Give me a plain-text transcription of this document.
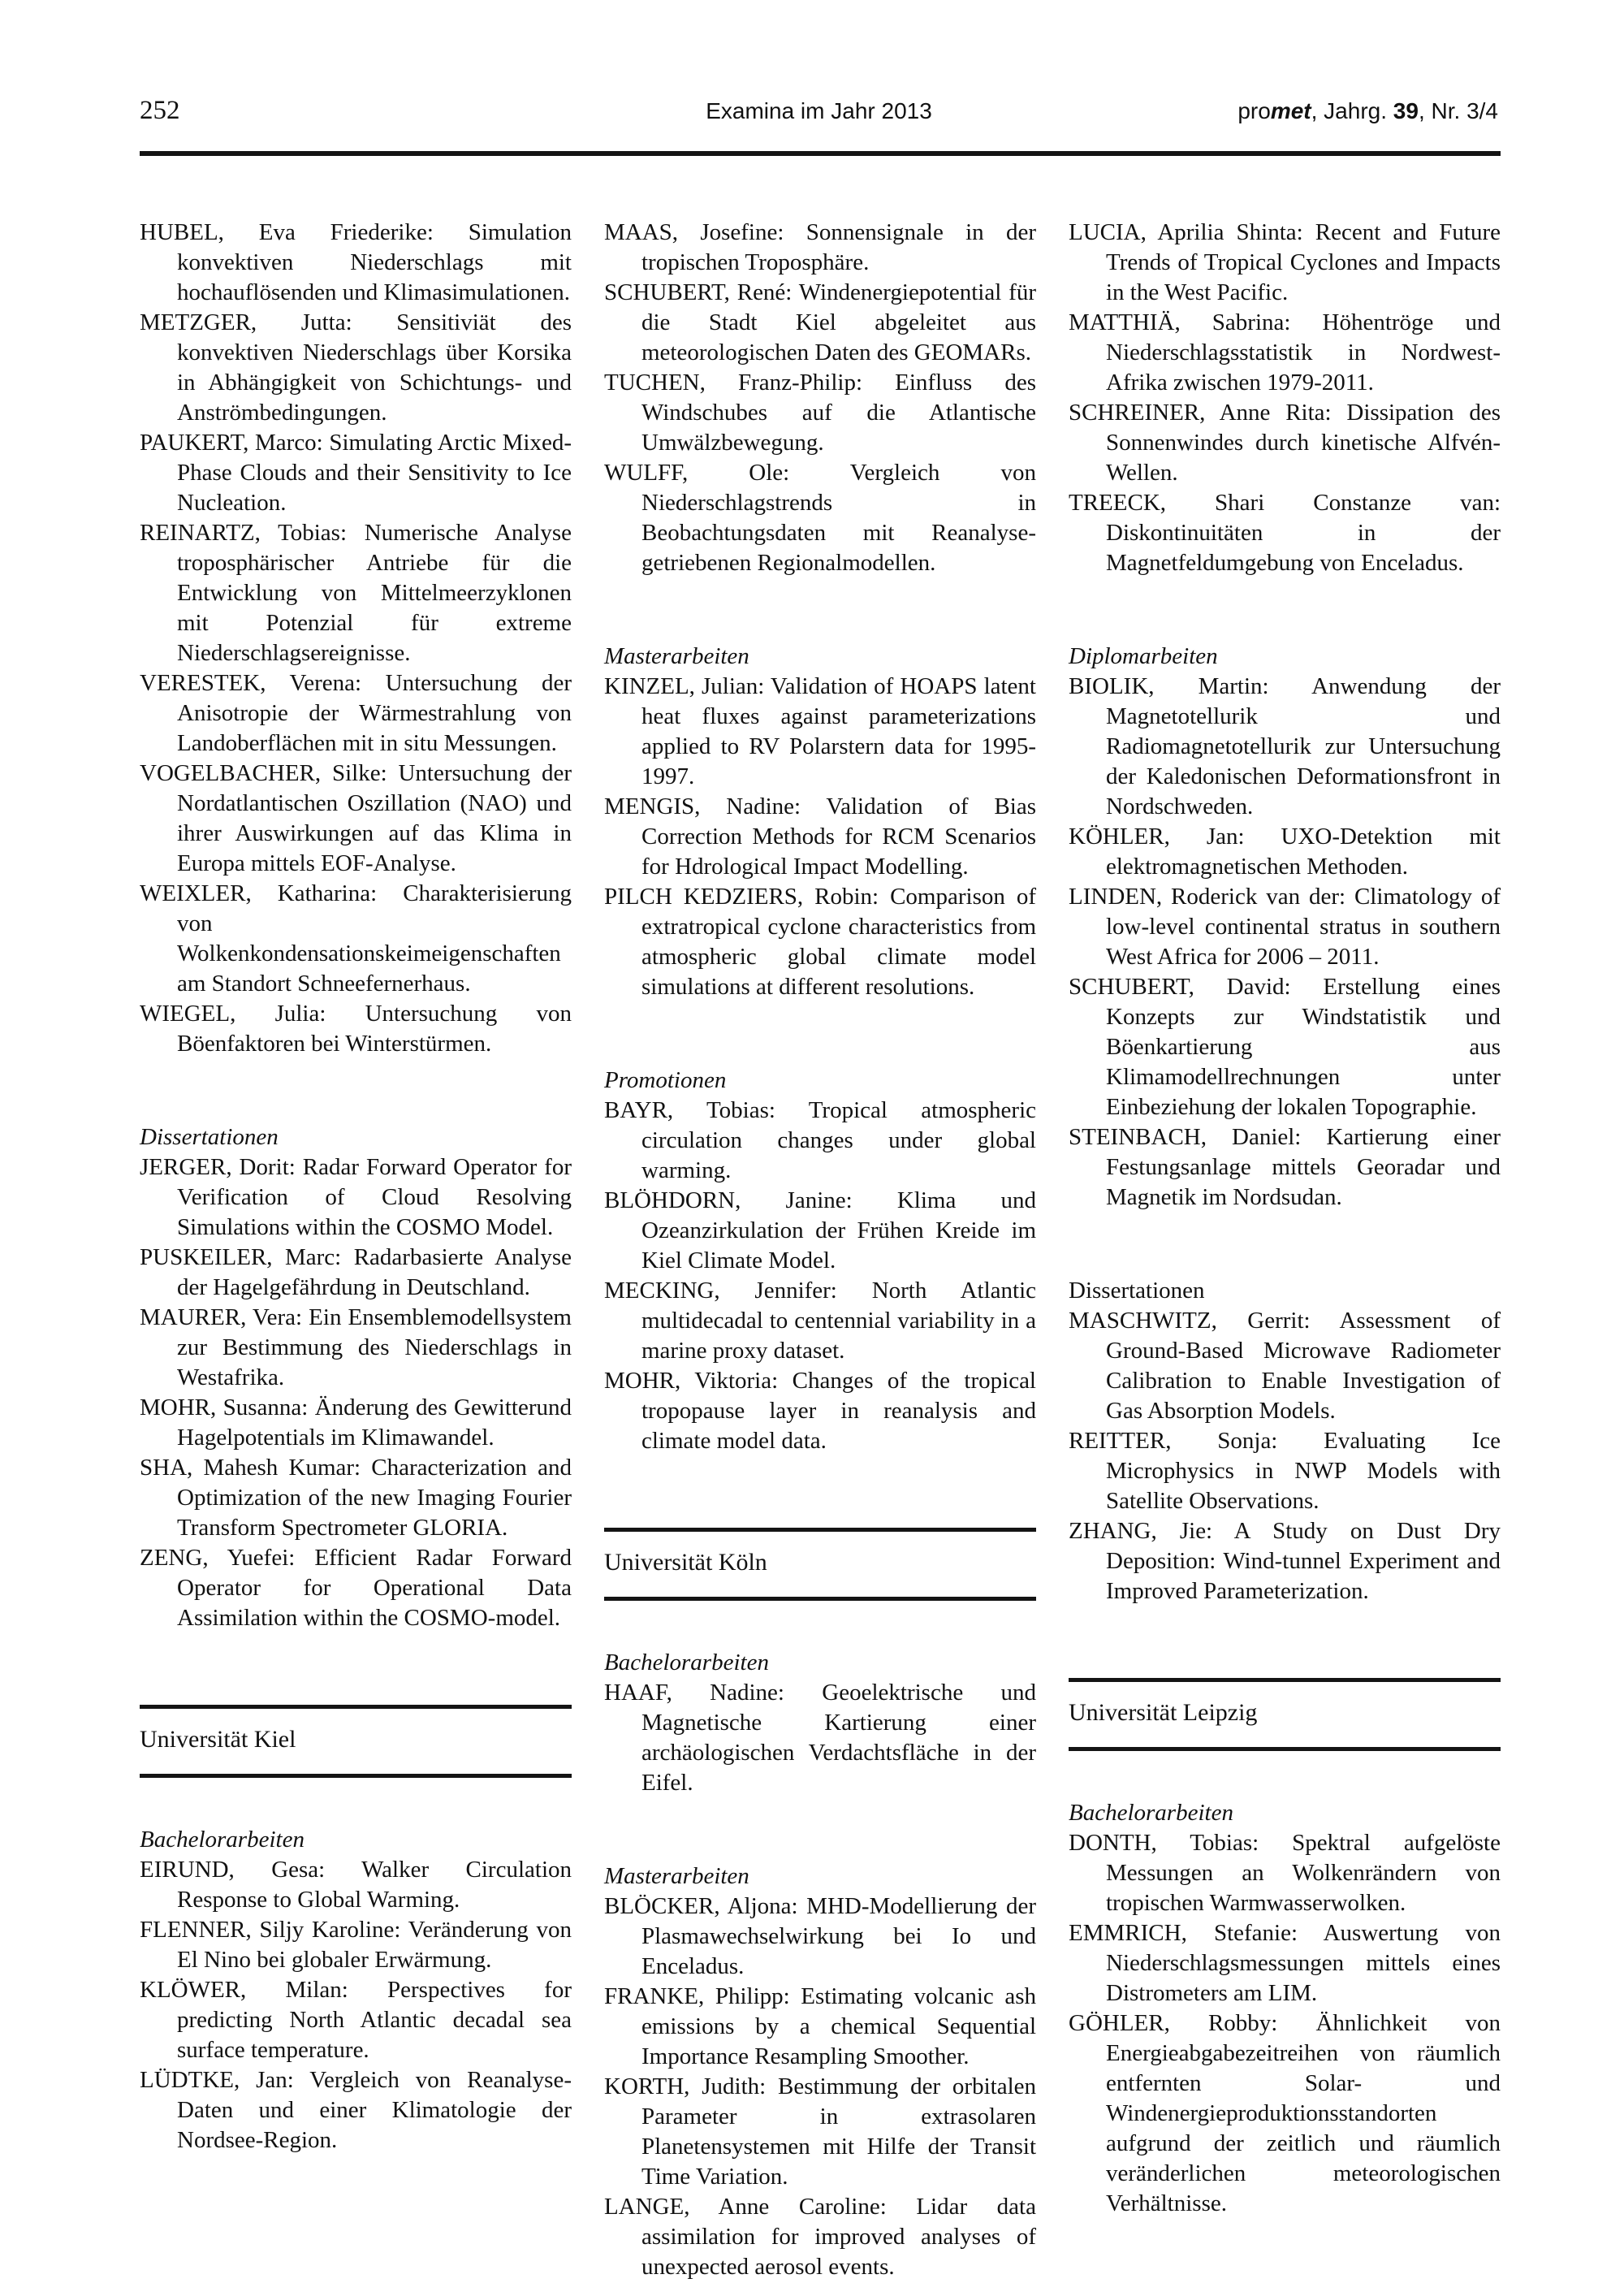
252	Examina im Jahr 2013	promet, Jahrg. 39, Nr. 3/4
HUBEL, Eva Friederike: Simulation konvektiven Niederschlags mit hochauflösenden und Klimasimulationen.
METZGER, Jutta: Sensitiviät des konvektiven Niederschlags über Korsika in Abhängigkeit von Schichtungs- und Anströmbedingungen.
PAUKERT, Marco: Simulating Arctic Mixed-Phase Clouds and their Sensitivity to Ice Nucleation.
REINARTZ, Tobias: Numerische Analyse troposphärischer Antriebe für die Entwicklung von Mittelmeerzyklonen mit Potenzial für extreme Niederschlagsereignisse.
VERESTEK, Verena: Untersuchung der Anisotropie der Wärmestrahlung von Landoberflächen mit in situ Messungen.
VOGELBACHER, Silke: Untersuchung der Nordatlantischen Oszillation (NAO) und ihrer Auswirkungen auf das Klima in Europa mittels EOF-Analyse.
WEIXLER, Katharina: Charakterisierung von Wolkenkondensationskeimeigenschaften am Standort Schneefernerhaus.
WIEGEL, Julia: Untersuchung von Böenfaktoren bei Winterstürmen.
Dissertationen
JERGER, Dorit: Radar Forward Operator for Verification of Cloud Resolving Simulations within the COSMO Model.
PUSKEILER, Marc: Radarbasierte Analyse der Hagelgefährdung in Deutschland.
MAURER, Vera: Ein Ensemblemodellsystem zur Bestimmung des Niederschlags in Westafrika.
MOHR, Susanna: Änderung des Gewitterund Hagelpotentials im Klimawandel.
SHA, Mahesh Kumar: Characterization and Optimization of the new Imaging Fourier Transform Spectrometer GLORIA.
ZENG, Yuefei: Efficient Radar Forward Operator for Operational Data Assimilation within the COSMO-model.
Universität Kiel
Bachelorarbeiten
EIRUND, Gesa: Walker Circulation Response to Global Warming.
FLENNER, Siljy Karoline: Veränderung von El Nino bei globaler Erwärmung.
KLÖWER, Milan: Perspectives for predicting North Atlantic decadal sea surface temperature.
LÜDTKE, Jan: Vergleich von Reanalyse-Daten und einer Klimatologie der Nordsee-Region.
MAAS, Josefine: Sonnensignale in der tropischen Troposphäre.
SCHUBERT, René: Windenergiepotential für die Stadt Kiel abgeleitet aus meteorologischen Daten des GEOMARs.
TUCHEN, Franz-Philip: Einfluss des Windschubes auf die Atlantische Umwälzbewegung.
WULFF, Ole: Vergleich von Niederschlagstrends in Beobachtungsdaten mit Reanalyse-getriebenen Regionalmodellen.
Masterarbeiten
KINZEL, Julian: Validation of HOAPS latent heat fluxes against parameterizations applied to RV Polarstern data for 1995-1997.
MENGIS, Nadine: Validation of Bias Correction Methods for RCM Scenarios for Hdrological Impact Modelling.
PILCH KEDZIERS, Robin: Comparison of extratropical cyclone characteristics from atmospheric global climate model simulations at different resolutions.
Promotionen
BAYR, Tobias: Tropical atmospheric circulation changes under global warming.
BLÖHDORN, Janine: Klima und Ozeanzirkulation der Frühen Kreide im Kiel Climate Model.
MECKING, Jennifer: North Atlantic multidecadal to centennial variability in a marine proxy dataset.
MOHR, Viktoria: Changes of the tropical tropopause layer in reanalysis and climate model data.
Universität Köln
Bachelorarbeiten
HAAF, Nadine: Geoelektrische und Magnetische Kartierung einer archäologischen Verdachtsfläche in der Eifel.
Masterarbeiten
BLÖCKER, Aljona: MHD-Modellierung der Plasmawechselwirkung bei Io und Enceladus.
FRANKE, Philipp: Estimating volcanic ash emissions by a chemical Sequential Importance Resampling Smoother.
KORTH, Judith: Bestimmung der orbitalen Parameter in extrasolaren Planetensystemen mit Hilfe der Transit Time Variation.
LANGE, Anne Caroline: Lidar data assimilation for improved analyses of unexpected aerosol events.
LUCIA, Aprilia Shinta: Recent and Future Trends of Tropical Cyclones and Impacts in the West Pacific.
MATTHIÄ, Sabrina: Höhentröge und Niederschlagsstatistik in Nordwest-Afrika zwischen 1979-2011.
SCHREINER, Anne Rita: Dissipation des Sonnenwindes durch kinetische Alfvén-Wellen.
TREECK, Shari Constanze van: Diskontinuitäten in der Magnetfeldumgebung von Enceladus.
Diplomarbeiten
BIOLIK, Martin: Anwendung der Magnetotellurik und Radiomagnetotellurik zur Untersuchung der Kaledonischen Deformationsfront in Nordschweden.
KÖHLER, Jan: UXO-Detektion mit elektromagnetischen Methoden.
LINDEN, Roderick van der: Climatology of low-level continental stratus in southern West Africa for 2006 – 2011.
SCHUBERT, David: Erstellung eines Konzepts zur Windstatistik und Böenkartierung aus Klimamodellrechnungen unter Einbeziehung der lokalen Topographie.
STEINBACH, Daniel: Kartierung einer Festungsanlage mittels Georadar und Magnetik im Nordsudan.
Dissertationen
MASCHWITZ, Gerrit: Assessment of Ground-Based Microwave Radiometer Calibration to Enable Investigation of Gas Absorption Models.
REITTER, Sonja: Evaluating Ice Microphysics in NWP Models with Satellite Observations.
ZHANG, Jie: A Study on Dust Dry Deposition: Wind-tunnel Experiment and Improved Parameterization.
Universität Leipzig
Bachelorarbeiten
DONTH, Tobias: Spektral aufgelöste Messungen an Wolkenrändern von tropischen Warmwasserwolken.
EMMRICH, Stefanie: Auswertung von Niederschlagsmessungen mittels eines Distrometers am LIM.
GÖHLER, Robby: Ähnlichkeit von Energieabgabezeitreihen von räumlich entfernten Solar- und Windenergieproduktionsstandorten aufgrund der zeitlich und räumlich veränderlichen meteorologischen Verhältnisse.
